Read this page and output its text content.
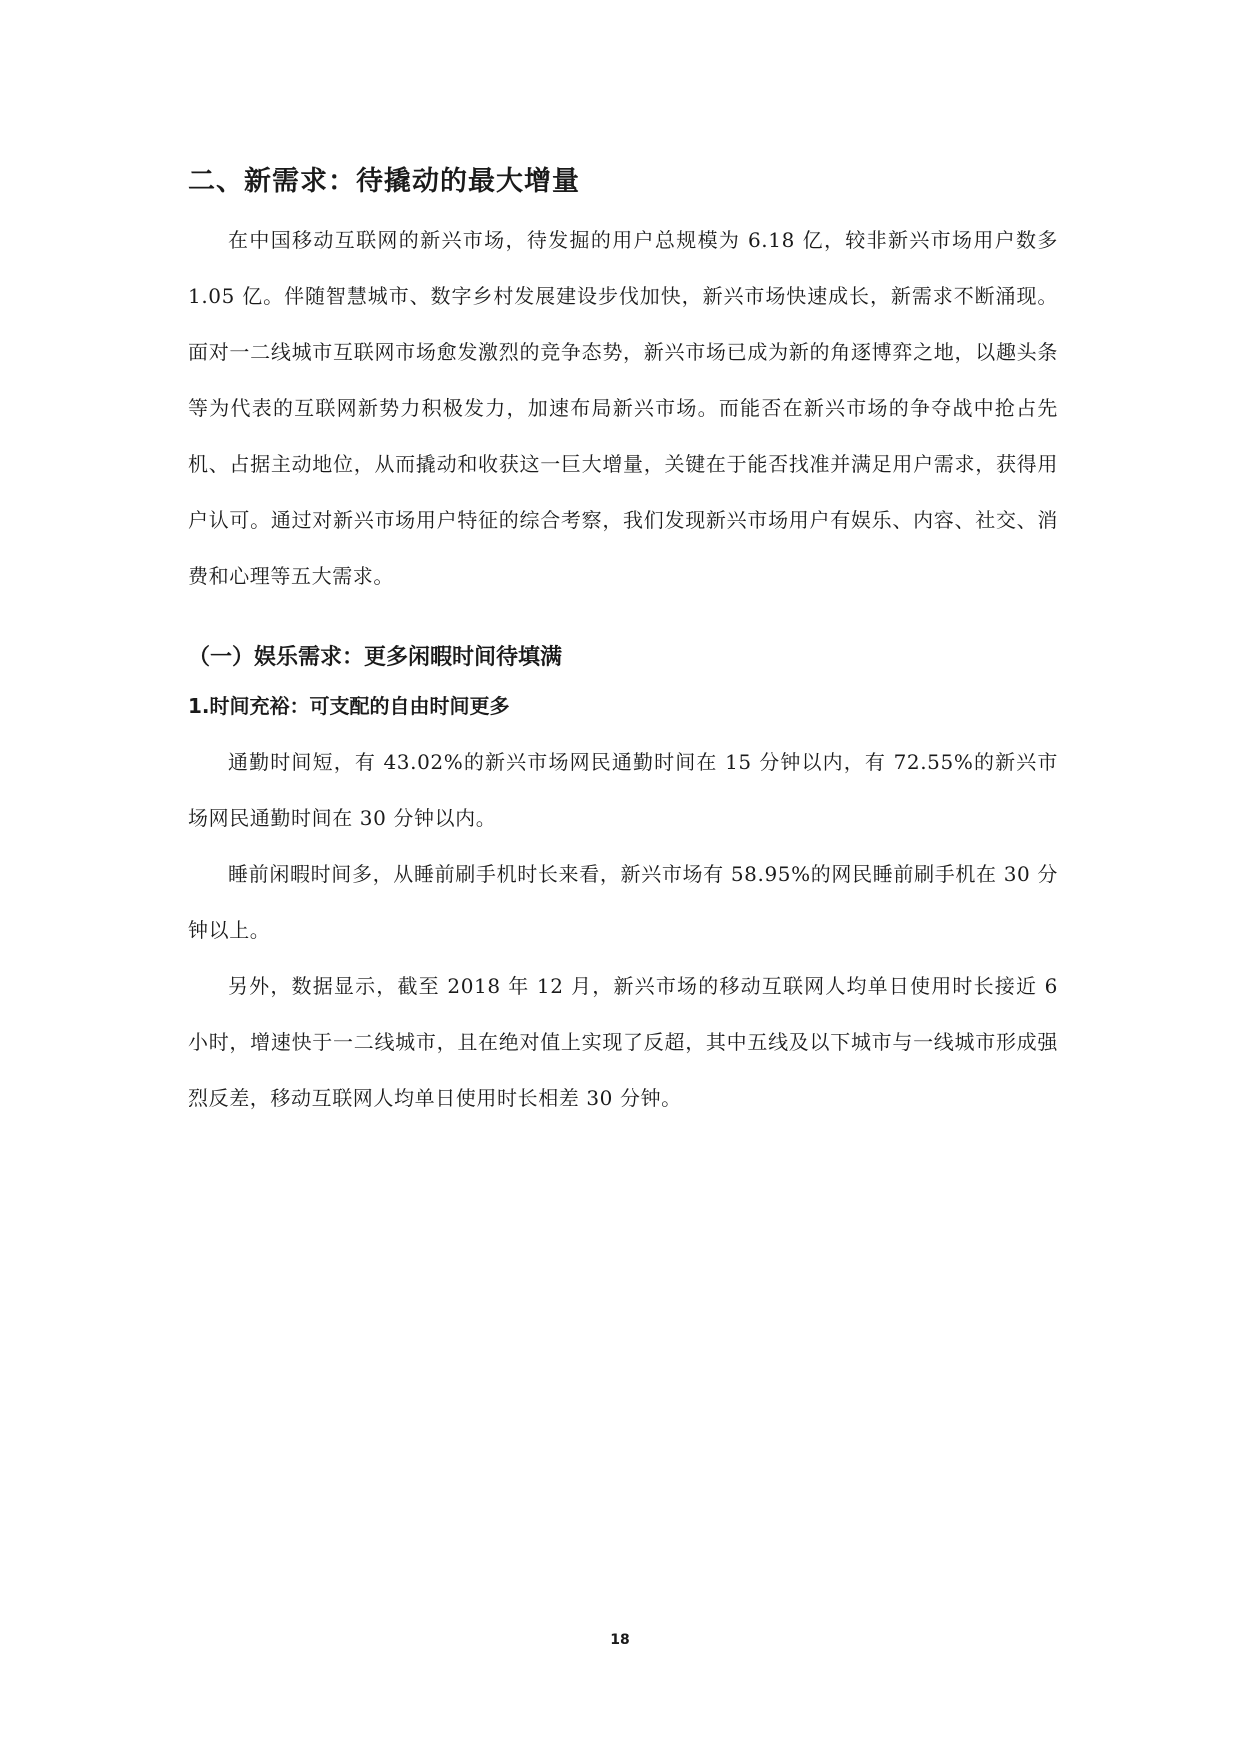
二、新需求：待撬动的最大增量

在中国移动互联网的新兴市场，待发掘的用户总规模为 6.18 亿，较非新兴市场用户数多 1.05 亿。伴随智慧城市、数字乡村发展建设步伐加快，新兴市场快速成长，新需求不断涌现。面对一二线城市互联网市场愈发激烈的竞争态势，新兴市场已成为新的角逐博弈之地，以趣头条等为代表的互联网新势力积极发力，加速布局新兴市场。而能否在新兴市场的争夺战中抢占先机、占据主动地位，从而撬动和收获这一巨大增量，关键在于能否找准并满足用户需求，获得用户认可。通过对新兴市场用户特征的综合考察，我们发现新兴市场用户有娱乐、内容、社交、消费和心理等五大需求。

（一）娱乐需求：更多闲暇时间待填满
1.时间充裕：可支配的自由时间更多

通勤时间短，有 43.02%的新兴市场网民通勤时间在 15 分钟以内，有 72.55%的新兴市场网民通勤时间在 30 分钟以内。

睡前闲暇时间多，从睡前刷手机时长来看，新兴市场有 58.95%的网民睡前刷手机在 30 分钟以上。

另外，数据显示，截至 2018 年 12 月，新兴市场的移动互联网人均单日使用时长接近 6 小时，增速快于一二线城市，且在绝对值上实现了反超，其中五线及以下城市与一线城市形成强烈反差，移动互联网人均单日使用时长相差 30 分钟。

18
